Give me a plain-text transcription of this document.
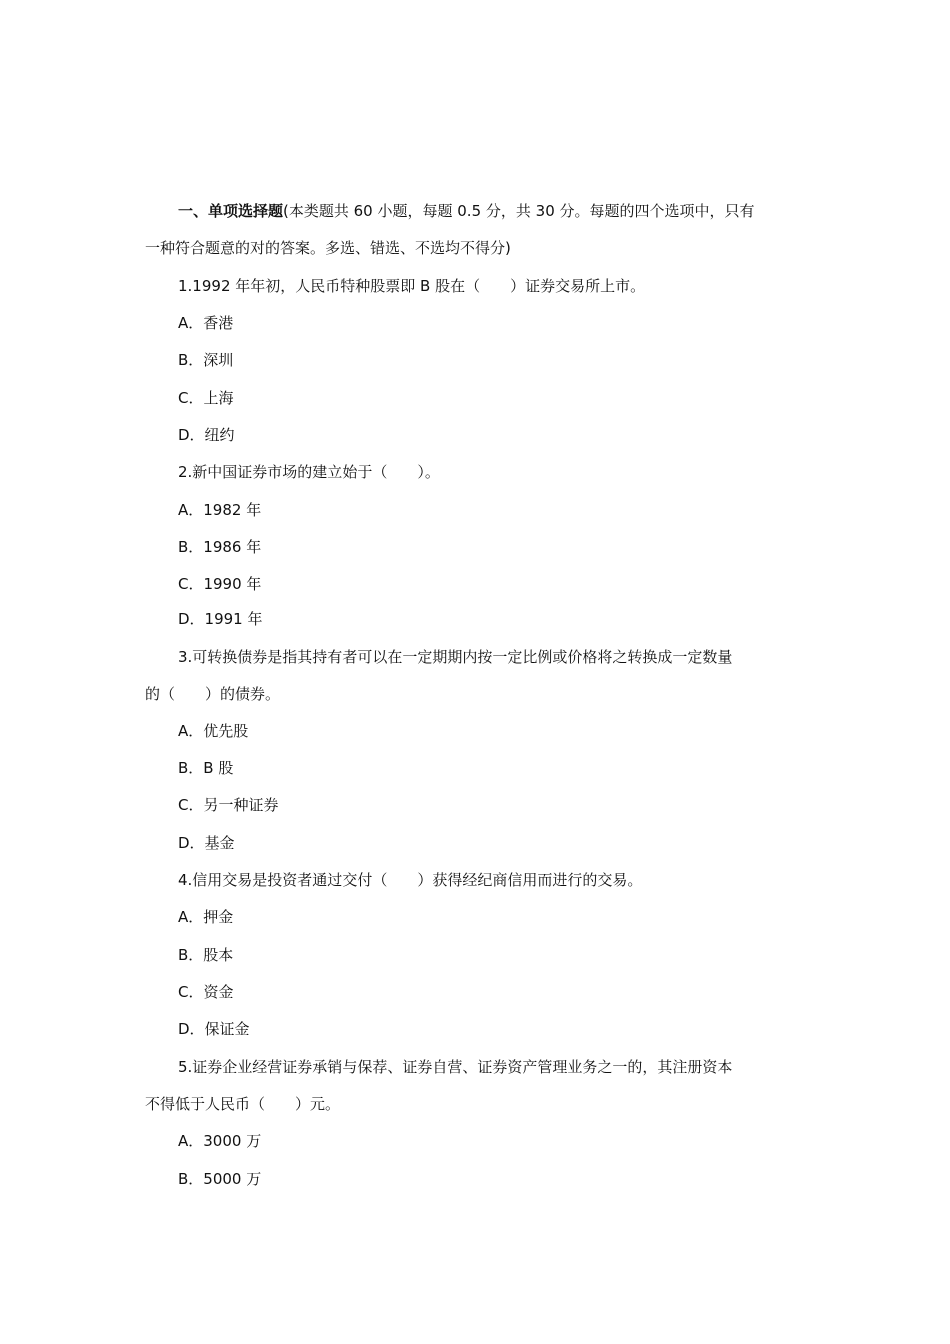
一、单项选择题(本类题共 60 小题，每题 0.5 分，共 30 分。每题的四个选项中，只有
一种符合题意的对的答案。多选、错选、不选均不得分)
1.1992 年年初，人民币特种股票即 B 股在（　　）证券交易所上市。
A．香港
B．深圳
C．上海
D．纽约
2.新中国证券市场的建立始于（　　）。
A．1982 年
B．1986 年
C．1990 年
D．1991 年
3.可转换债券是指其持有者可以在一定期期内按一定比例或价格将之转换成一定数量
的（　　）的债券。
A．优先股
B．B 股
C．另一种证券
D．基金
4.信用交易是投资者通过交付（　　）获得经纪商信用而进行的交易。
A．押金
B．股本
C．资金
D．保证金
5.证券企业经营证券承销与保荐、证券自营、证券资产管理业务之一的，其注册资本
不得低于人民币（　　）元。
A．3000 万
B．5000 万
